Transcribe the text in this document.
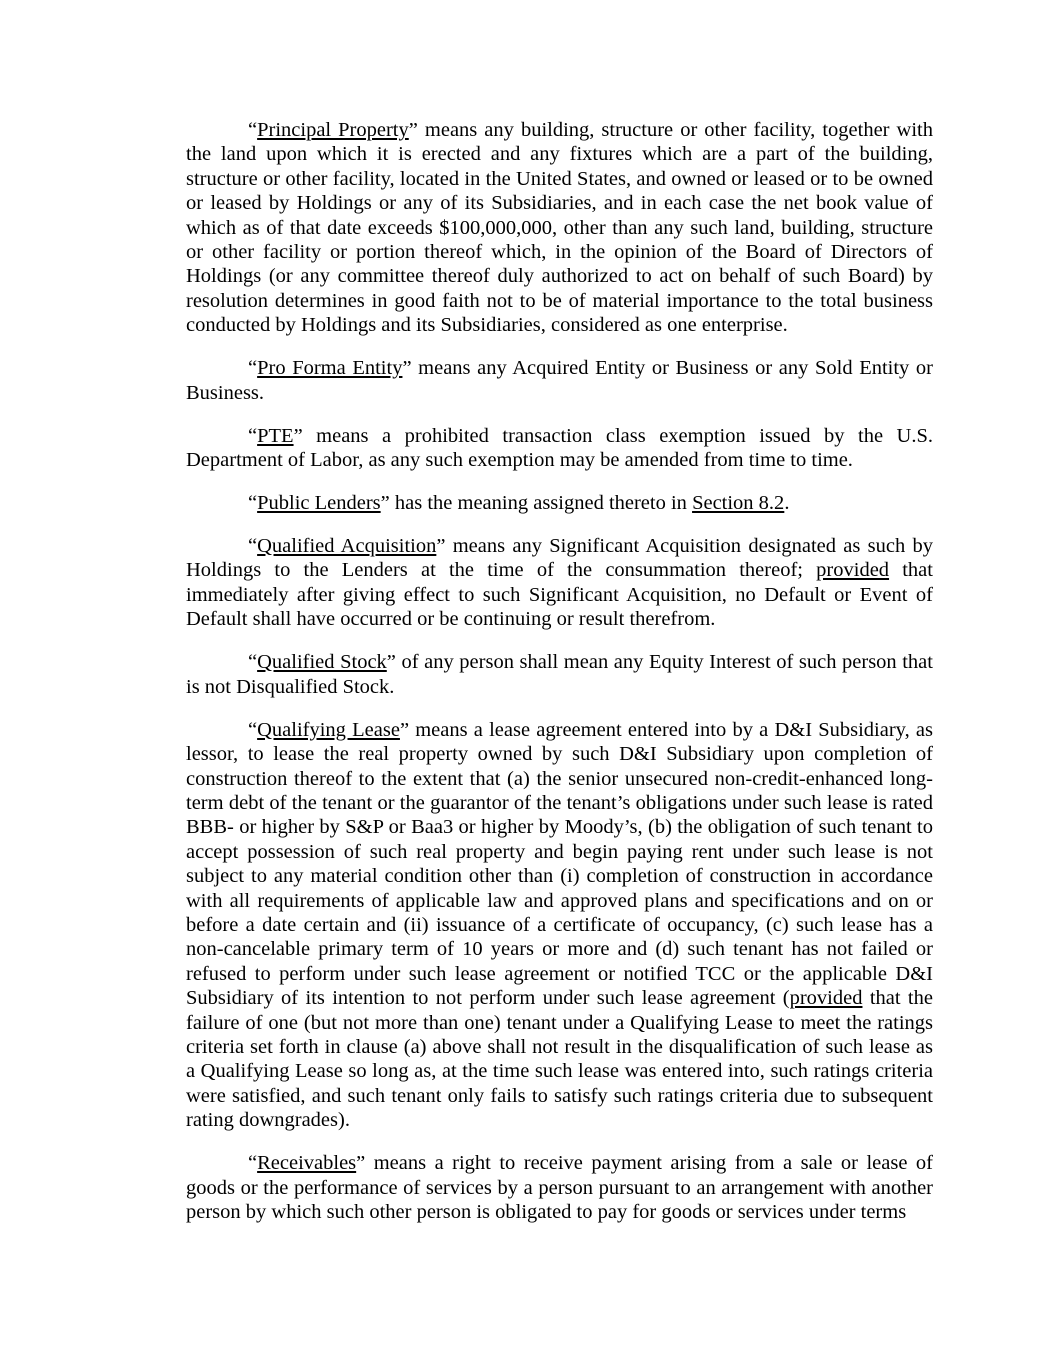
“Principal Property” means any building, structure or other facility, together with the land upon which it is erected and any fixtures which are a part of the building, structure or other facility, located in the United States, and owned or leased or to be owned or leased by Holdings or any of its Subsidiaries, and in each case the net book value of which as of that date exceeds $100,000,000, other than any such land, building, structure or other facility or portion thereof which, in the opinion of the Board of Directors of Holdings (or any committee thereof duly authorized to act on behalf of such Board) by resolution determines in good faith not to be of material importance to the total business conducted by Holdings and its Subsidiaries, considered as one enterprise.

“Pro Forma Entity” means any Acquired Entity or Business or any Sold Entity or Business.

“PTE” means a prohibited transaction class exemption issued by the U.S. Department of Labor, as any such exemption may be amended from time to time.

“Public Lenders” has the meaning assigned thereto in Section 8.2.

“Qualified Acquisition” means any Significant Acquisition designated as such by Holdings to the Lenders at the time of the consummation thereof; provided that immediately after giving effect to such Significant Acquisition, no Default or Event of Default shall have occurred or be continuing or result therefrom.

“Qualified Stock” of any person shall mean any Equity Interest of such person that is not Disqualified Stock.

“Qualifying Lease” means a lease agreement entered into by a D&I Subsidiary, as lessor, to lease the real property owned by such D&I Subsidiary upon completion of construction thereof to the extent that (a) the senior unsecured non-credit-enhanced long-term debt of the tenant or the guarantor of the tenant’s obligations under such lease is rated BBB- or higher by S&P or Baa3 or higher by Moody’s, (b) the obligation of such tenant to accept possession of such real property and begin paying rent under such lease is not subject to any material condition other than (i) completion of construction in accordance with all requirements of applicable law and approved plans and specifications and on or before a date certain and (ii) issuance of a certificate of occupancy, (c) such lease has a non-cancelable primary term of 10 years or more and (d) such tenant has not failed or refused to perform under such lease agreement or notified TCC or the applicable D&I Subsidiary of its intention to not perform under such lease agreement (provided that the failure of one (but not more than one) tenant under a Qualifying Lease to meet the ratings criteria set forth in clause (a) above shall not result in the disqualification of such lease as a Qualifying Lease so long as, at the time such lease was entered into, such ratings criteria were satisfied, and such tenant only fails to satisfy such ratings criteria due to subsequent rating downgrades).

“Receivables” means a right to receive payment arising from a sale or lease of goods or the performance of services by a person pursuant to an arrangement with another person by which such other person is obligated to pay for goods or services under terms
